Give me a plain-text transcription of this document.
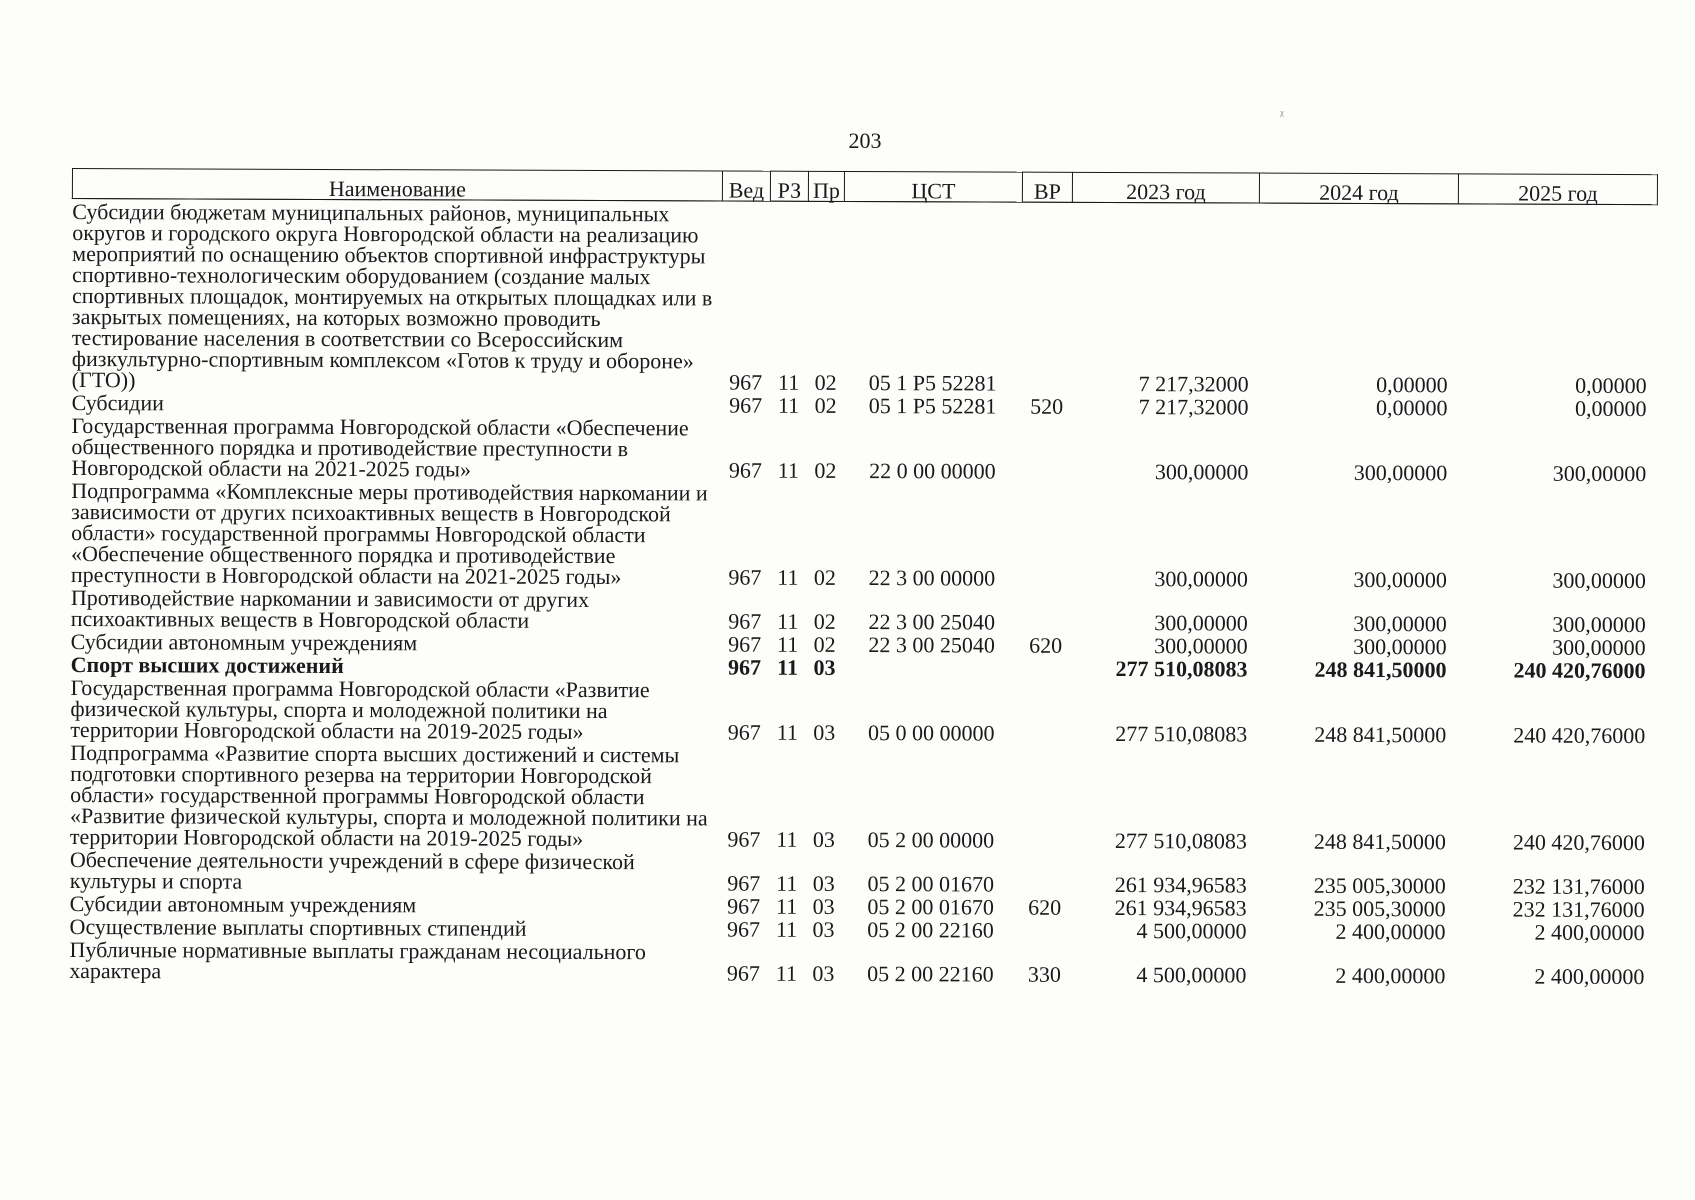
203
ᵡ
Наименование	Вед	РЗ	Пр	ЦСТ	ВР	2023 год	2024 год	2025 год
Субсидии бюджетам муниципальных районов, муниципальных округов и городского округа Новгородской области на реализацию мероприятий по оснащению объектов спортивной инфраструктуры спортивно-технологическим оборудованием (создание малых спортивных площадок, монтируемых на открытых площадках или в закрытых помещениях, на которых возможно проводить тестирование населения в соответствии со Всероссийским физкультурно-спортивным комплексом «Готов к труду и обороне» (ГТО))	967	11	02	05 1 P5 52281		7 217,32000	0,00000	0,00000
Субсидии	967	11	02	05 1 P5 52281	520	7 217,32000	0,00000	0,00000
Государственная программа Новгородской области «Обеспечение общественного порядка и противодействие преступности в Новгородской области на 2021-2025 годы»	967	11	02	22 0 00 00000		300,00000	300,00000	300,00000
Подпрограмма «Комплексные меры противодействия наркомании и зависимости от других психоактивных веществ в Новгородской области» государственной программы Новгородской области «Обеспечение общественного порядка и противодействие преступности в Новгородской области на 2021-2025 годы»	967	11	02	22 3 00 00000		300,00000	300,00000	300,00000
Противодействие наркомании и зависимости от других психоактивных веществ в Новгородской области	967	11	02	22 3 00 25040		300,00000	300,00000	300,00000
Субсидии автономным учреждениям	967	11	02	22 3 00 25040	620	300,00000	300,00000	300,00000
Спорт высших достижений	967	11	03			277 510,08083	248 841,50000	240 420,76000
Государственная программа Новгородской области «Развитие физической культуры, спорта и молодежной политики на территории Новгородской области на 2019-2025 годы»	967	11	03	05 0 00 00000		277 510,08083	248 841,50000	240 420,76000
Подпрограмма «Развитие спорта высших достижений и системы подготовки спортивного резерва на территории Новгородской области» государственной программы Новгородской области «Развитие физической культуры, спорта и молодежной политики на территории Новгородской области на 2019-2025 годы»	967	11	03	05 2 00 00000		277 510,08083	248 841,50000	240 420,76000
Обеспечение деятельности учреждений в сфере физической культуры и спорта	967	11	03	05 2 00 01670		261 934,96583	235 005,30000	232 131,76000
Субсидии автономным учреждениям	967	11	03	05 2 00 01670	620	261 934,96583	235 005,30000	232 131,76000
Осуществление выплаты спортивных стипендий	967	11	03	05 2 00 22160		4 500,00000	2 400,00000	2 400,00000
Публичные нормативные выплаты гражданам несоциального характера	967	11	03	05 2 00 22160	330	4 500,00000	2 400,00000	2 400,00000
